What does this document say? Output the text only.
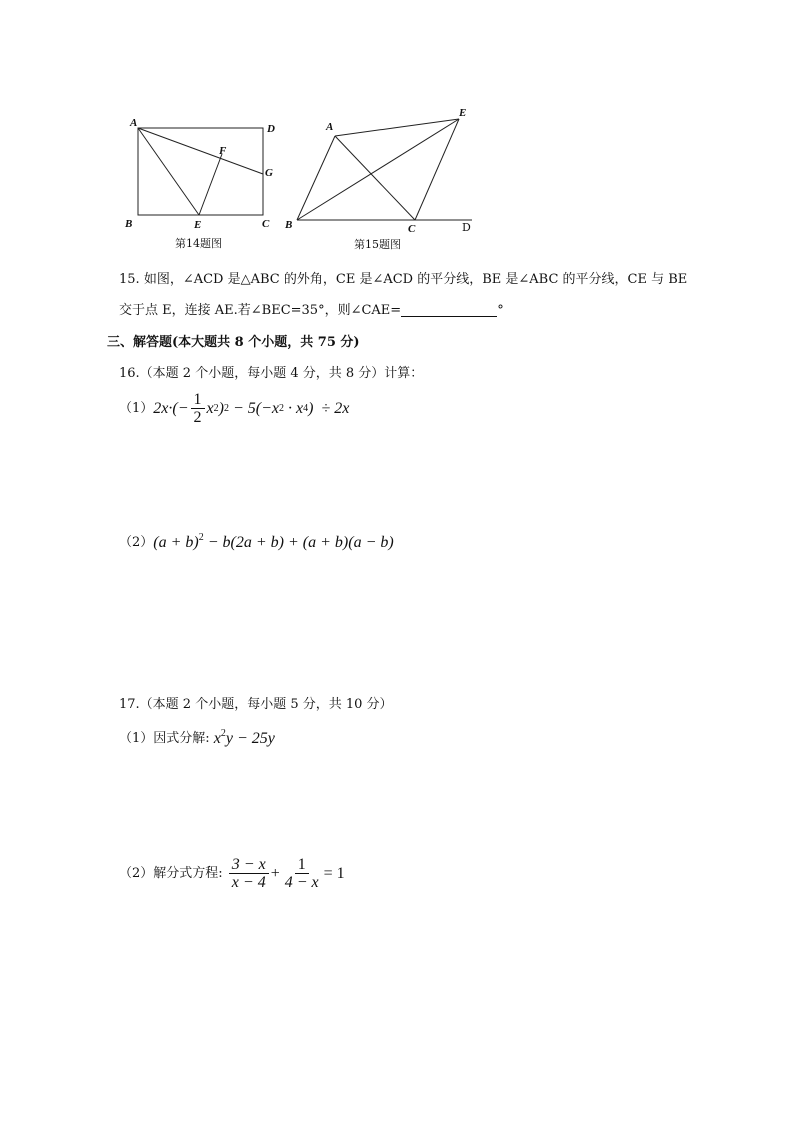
A	D
F
G
B	E	C
第14题图
A
E
B	C	D
第15题图
15. 如图，∠ACD 是△ABC 的外角，CE 是∠ACD 的平分线，BE 是∠ABC 的平分线，CE 与 BE
交于点 E，连接 AE.若∠BEC=35°，则∠CAE=	°
三、解答题(本大题共 8 个小题，共 75 分)
16.（本题 2 个小题，每小题 4 分，共 8 分）计算：
（1） $2x\cdot(- \frac{1}{2}$ x 2 ) 2 − 5(−x 2 · x 4 )  ÷ 2x
（2） $(a + b)^2 - b(2a + b) + (a + b)(a - b)$
17.（本题 2 个小题，每小题 5 分，共 10 分）
（1）因式分解: $x^2y - 25y$
（2）解分式方程: $\frac{3 - x}{x - 4} + \frac{1}{4 - x} = 1$
